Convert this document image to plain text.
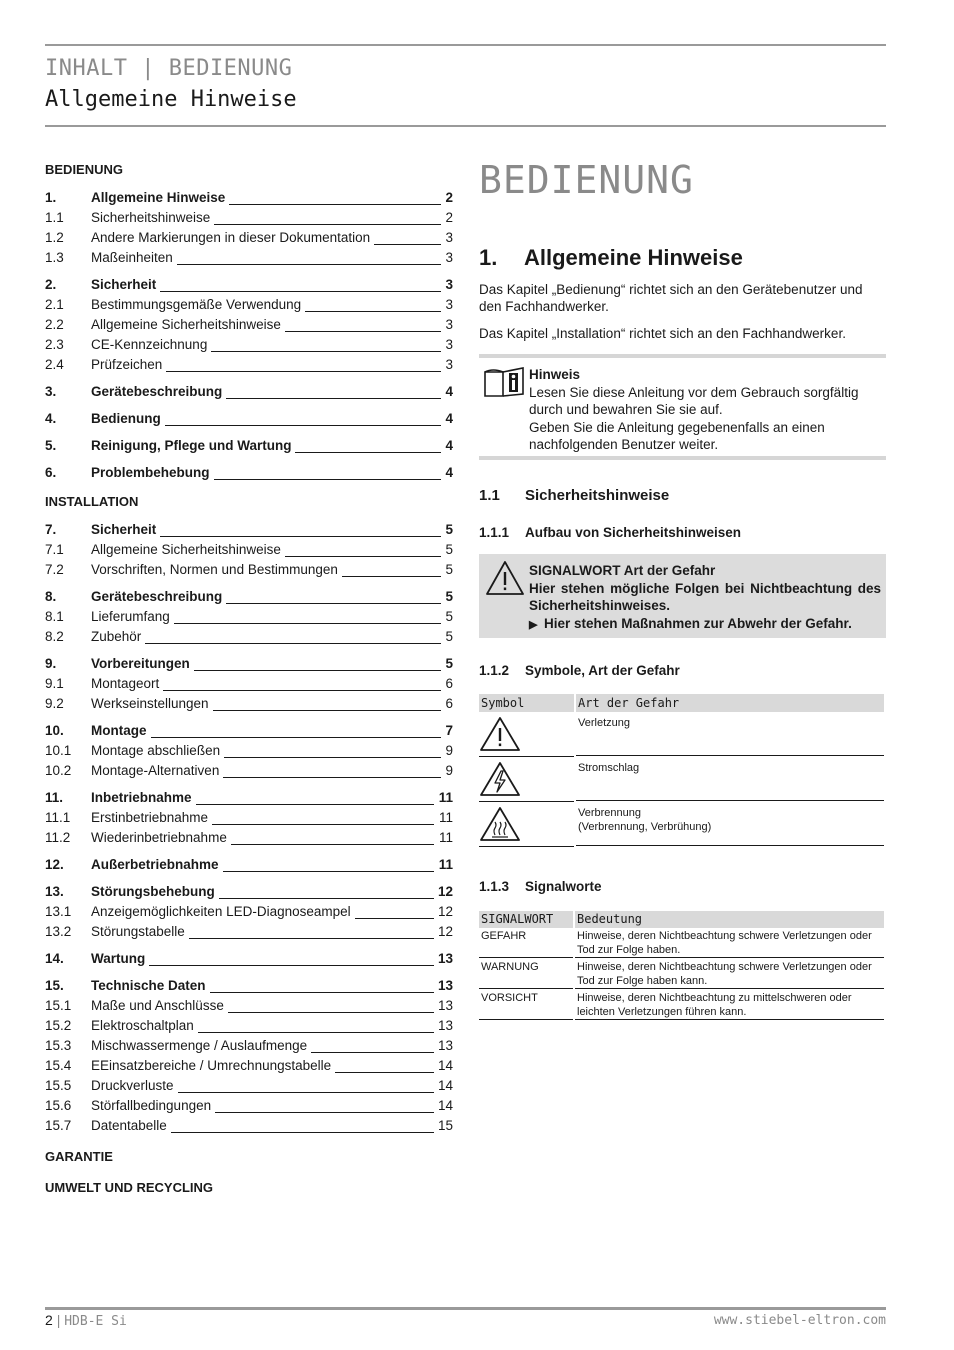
INHALT | BEDIENUNG
Allgemeine Hinweise
BEDIENUNG
1.	Allgemeine Hinweise	2
1.1 Sicherheitshinweise	2
1.2 Andere Markierungen in dieser Dokumentation	3
1.3 Maßeinheiten	3
2.	Sicherheit	3
2.1 Bestimmungsgemäße Verwendung	3
2.2 Allgemeine Sicherheitshinweise	3
2.3 CE-Kennzeichnung	3
2.4 Prüfzeichen	3
3.	Gerätebeschreibung	4
4.	Bedienung	4
5.	Reinigung, Pflege und Wartung	4
6.	Problembehebung	4
INSTALLATION
7.	Sicherheit	5
7.1 Allgemeine Sicherheitshinweise	5
7.2 Vorschriften, Normen und Bestimmungen	5
8.	Gerätebeschreibung	5
8.1 Lieferumfang	5
8.2 Zubehör	5
9.	Vorbereitungen	5
9.1 Montageort	6
9.2 Werkseinstellungen	6
10. Montage	7
10.1 Montage abschließen	9
10.2 Montage-Alternativen	9
11. Inbetriebnahme	11
11.1 Erstinbetriebnahme	11
11.2 Wiederinbetriebnahme	11
12. Außerbetriebnahme	11
13. Störungsbehebung	12
13.1 Anzeigemöglichkeiten LED-Diagnoseampel	12
13.2 Störungstabelle	12
14. Wartung	13
15. Technische Daten	13
15.1 Maße und Anschlüsse	13
15.2 Elektroschaltplan	13
15.3 Mischwassermenge / Auslaufmenge	13
15.4 EEinsatzbereiche / Umrechnungstabelle	14
15.5 Druckverluste	14
15.6 Störfallbedingungen	14
15.7 Datentabelle	15
GARANTIE
UMWELT UND RECYCLING
BEDIENUNG
1. Allgemeine Hinweise
Das Kapitel „Bedienung“ richtet sich an den Gerätebenutzer und den Fachhandwerker.
Das Kapitel „Installation“ richtet sich an den Fachhandwerker.
Hinweis
Lesen Sie diese Anleitung vor dem Gebrauch sorgfältig durch und bewahren Sie sie auf.
Geben Sie die Anleitung gegebenenfalls an einen nachfolgenden Benutzer weiter.
1.1 Sicherheitshinweise
1.1.1 Aufbau von Sicherheitshinweisen
SIGNALWORT Art der Gefahr
Hier stehen mögliche Folgen bei Nichtbeachtung des Sicherheitshinweises.
▶ Hier stehen Maßnahmen zur Abwehr der Gefahr.
1.1.2 Symbole, Art der Gefahr
Symbol	Art der Gefahr
Verletzung
Stromschlag
Verbrennung
(Verbrennung, Verbrühung)
1.1.3 Signalworte
SIGNALWORT Bedeutung
GEFAHR	Hinweise, deren Nichtbeachtung schwere Verletzungen oder Tod zur Folge haben.
WARNUNG	Hinweise, deren Nichtbeachtung schwere Verletzungen oder Tod zur Folge haben kann.
VORSICHT	Hinweise, deren Nichtbeachtung zu mittelschweren oder leichten Verletzungen führen kann.
2 | HDB-E Si	www.stiebel-eltron.com
